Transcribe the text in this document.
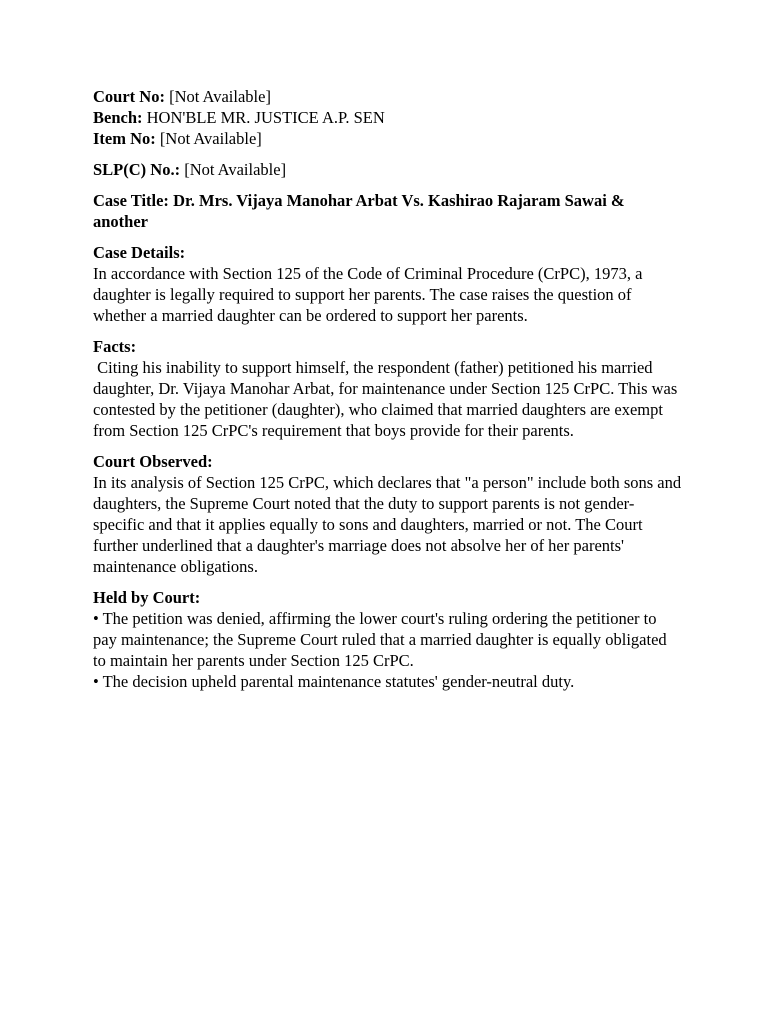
Court No: [Not Available]
Bench: HON'BLE MR. JUSTICE A.P. SEN
Item No: [Not Available]
SLP(C) No.: [Not Available]
Case Title: Dr. Mrs. Vijaya Manohar Arbat Vs. Kashirao Rajaram Sawai & another
Case Details:

In accordance with Section 125 of the Code of Criminal Procedure (CrPC), 1973, a daughter is legally required to support her parents. The case raises the question of whether a married daughter can be ordered to support her parents.

Facts:

Citing his inability to support himself, the respondent (father) petitioned his married daughter, Dr. Vijaya Manohar Arbat, for maintenance under Section 125 CrPC. This was contested by the petitioner (daughter), who claimed that married daughters are exempt from Section 125 CrPC's requirement that boys provide for their parents.

Court Observed:

In its analysis of Section 125 CrPC, which declares that "a person" include both sons and daughters, the Supreme Court noted that the duty to support parents is not gender-specific and that it applies equally to sons and daughters, married or not. The Court further underlined that a daughter's marriage does not absolve her of her parents' maintenance obligations.

Held by Court:

• The petition was denied, affirming the lower court's ruling ordering the petitioner to pay maintenance; the Supreme Court ruled that a married daughter is equally obligated to maintain her parents under Section 125 CrPC.

• The decision upheld parental maintenance statutes' gender-neutral duty.
